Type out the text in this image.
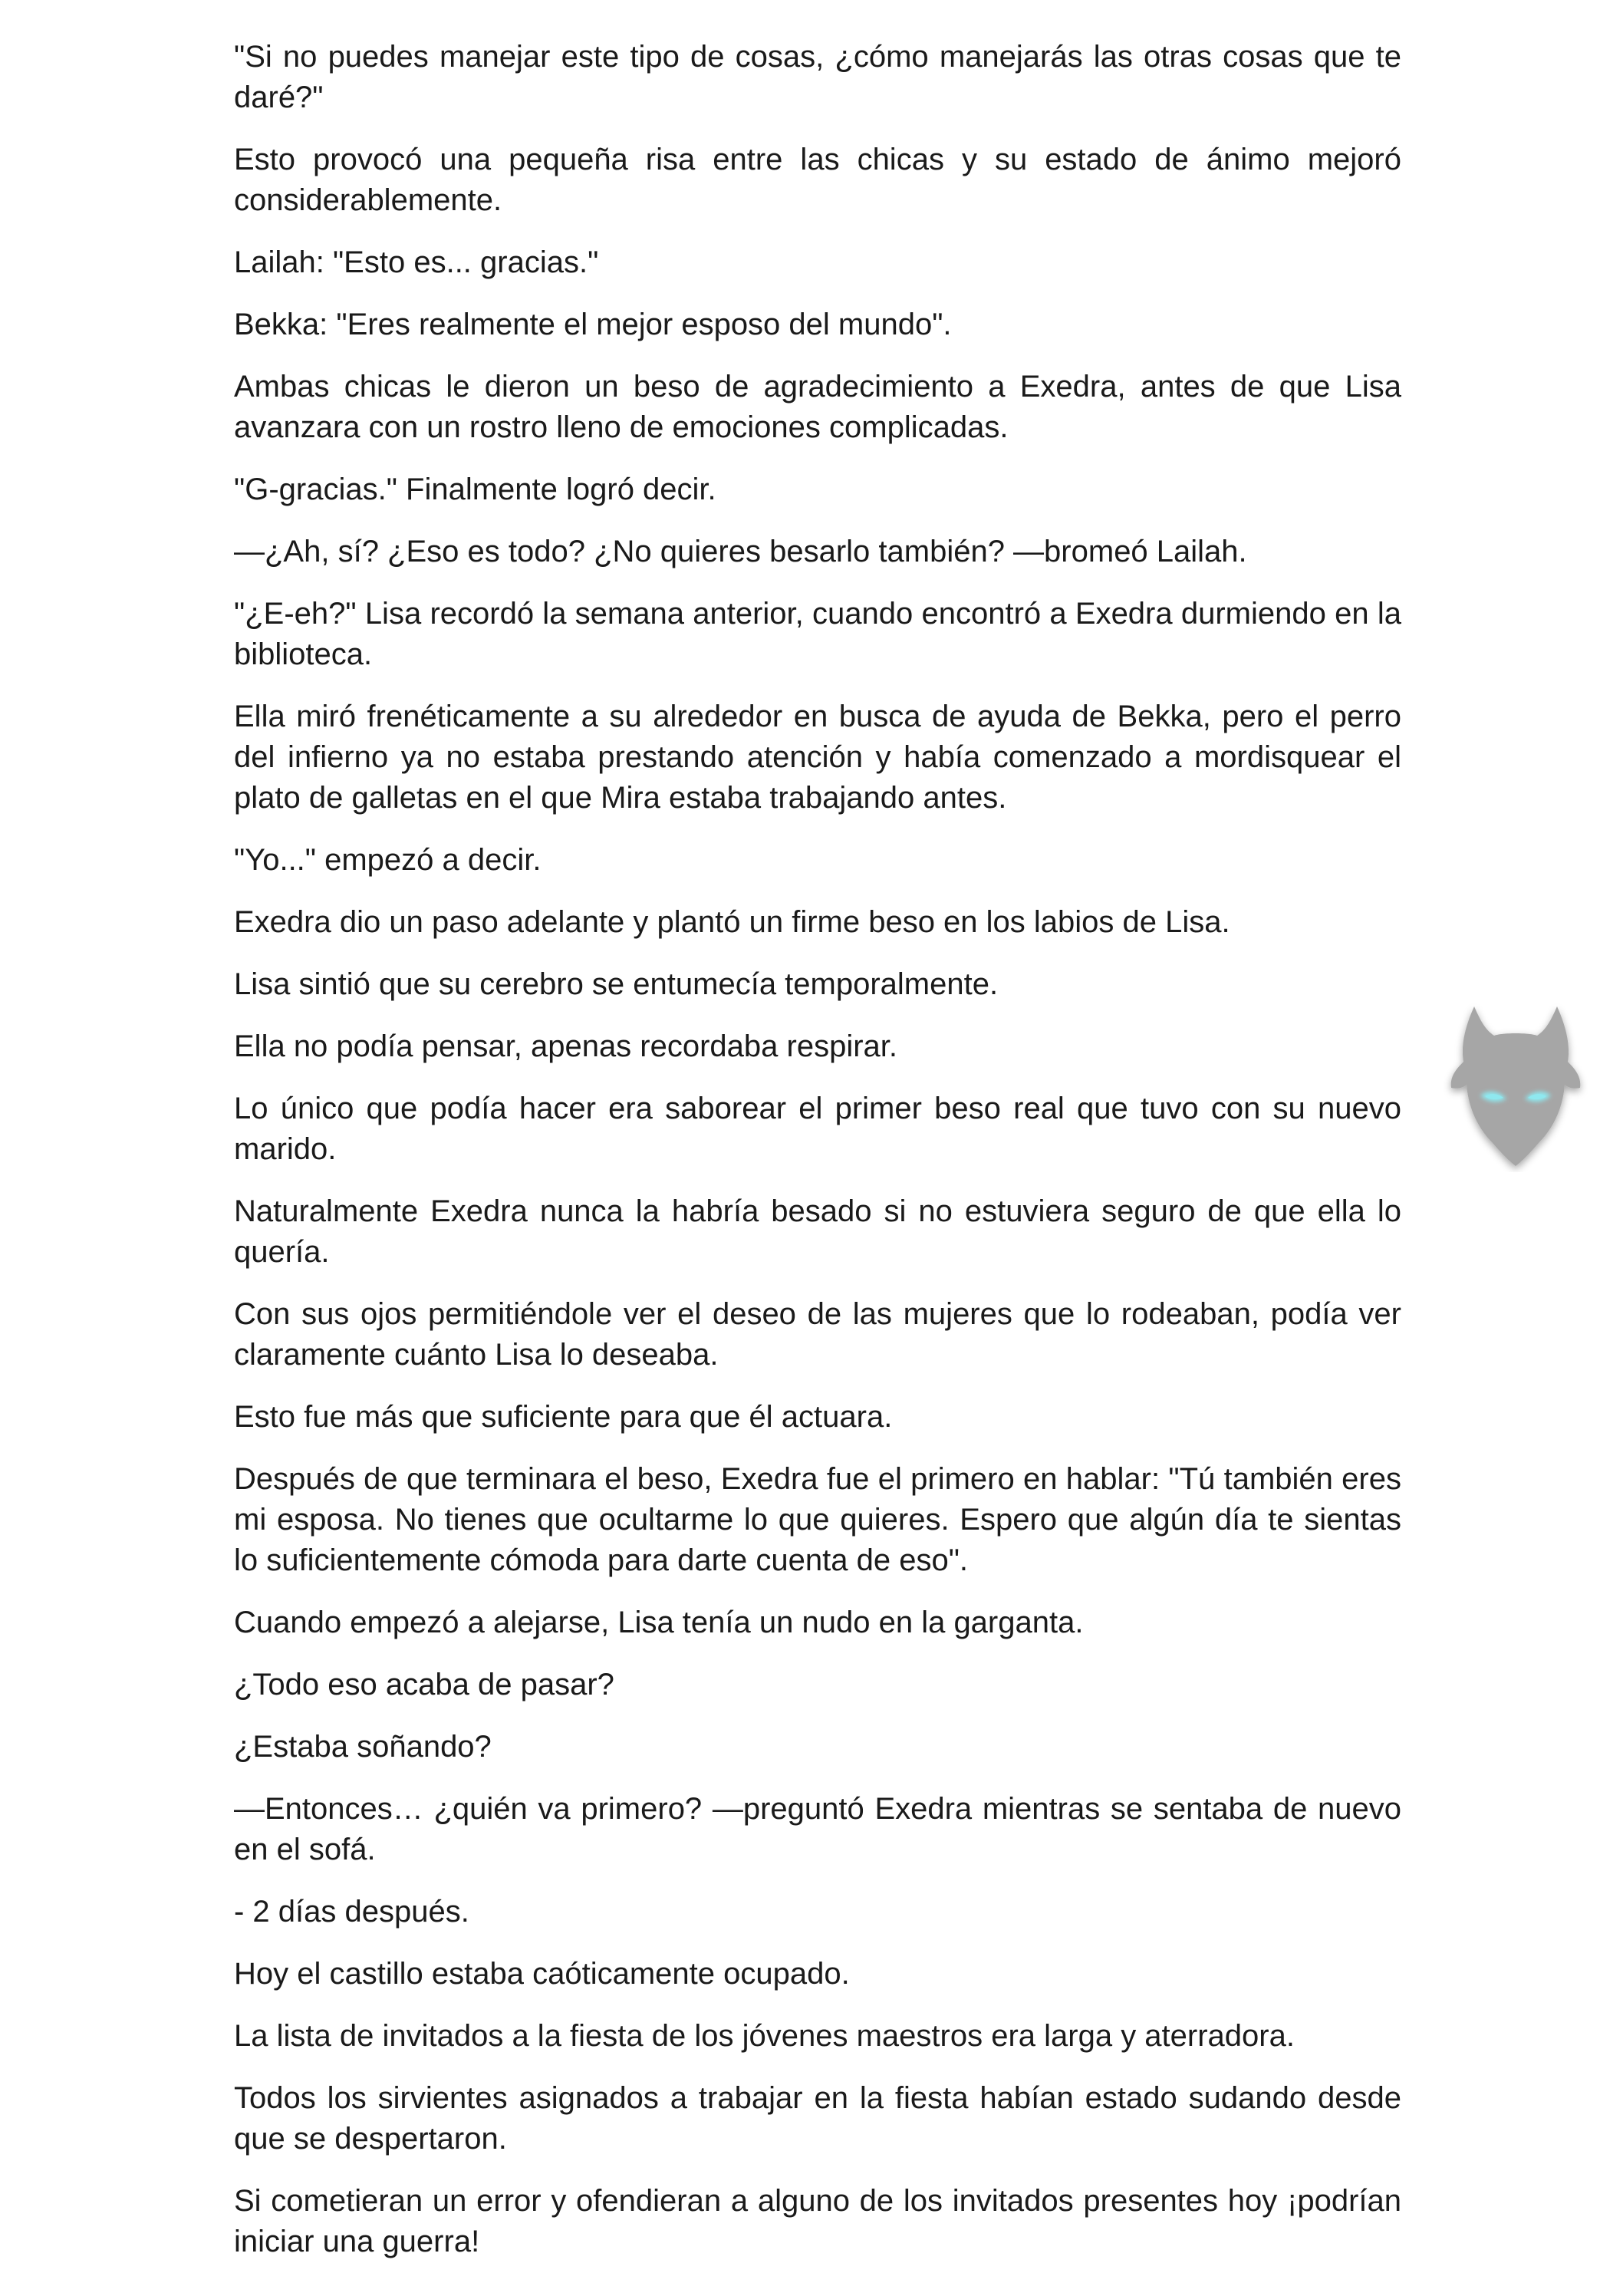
"Si no puedes manejar este tipo de cosas, ¿cómo manejarás las otras cosas que te daré?"

Esto provocó una pequeña risa entre las chicas y su estado de ánimo mejoró considerablemente.

Lailah: "Esto es... gracias."

Bekka: "Eres realmente el mejor esposo del mundo".

Ambas chicas le dieron un beso de agradecimiento a Exedra, antes de que Lisa avanzara con un rostro lleno de emociones complicadas.

"G-gracias." Finalmente logró decir.

—¿Ah, sí? ¿Eso es todo? ¿No quieres besarlo también? —bromeó Lailah.

"¿E-eh?" Lisa recordó la semana anterior, cuando encontró a Exedra durmiendo en la biblioteca.

Ella miró frenéticamente a su alrededor en busca de ayuda de Bekka, pero el perro del infierno ya no estaba prestando atención y había comenzado a mordisquear el plato de galletas en el que Mira estaba trabajando antes.

"Yo..." empezó a decir.

Exedra dio un paso adelante y plantó un firme beso en los labios de Lisa.

Lisa sintió que su cerebro se entumecía temporalmente.

Ella no podía pensar, apenas recordaba respirar.

Lo único que podía hacer era saborear el primer beso real que tuvo con su nuevo marido.

Naturalmente Exedra nunca la habría besado si no estuviera seguro de que ella lo quería.

Con sus ojos permitiéndole ver el deseo de las mujeres que lo rodeaban, podía ver claramente cuánto Lisa lo deseaba.

Esto fue más que suficiente para que él actuara.

Después de que terminara el beso, Exedra fue el primero en hablar: "Tú también eres mi esposa. No tienes que ocultarme lo que quieres. Espero que algún día te sientas lo suficientemente cómoda para darte cuenta de eso".

Cuando empezó a alejarse, Lisa tenía un nudo en la garganta.

¿Todo eso acaba de pasar?

¿Estaba soñando?

—Entonces… ¿quién va primero? —preguntó Exedra mientras se sentaba de nuevo en el sofá.

- 2 días después.

Hoy el castillo estaba caóticamente ocupado.

La lista de invitados a la fiesta de los jóvenes maestros era larga y aterradora.

Todos los sirvientes asignados a trabajar en la fiesta habían estado sudando desde que se despertaron.

Si cometieran un error y ofendieran a alguno de los invitados presentes hoy ¡podrían iniciar una guerra!
